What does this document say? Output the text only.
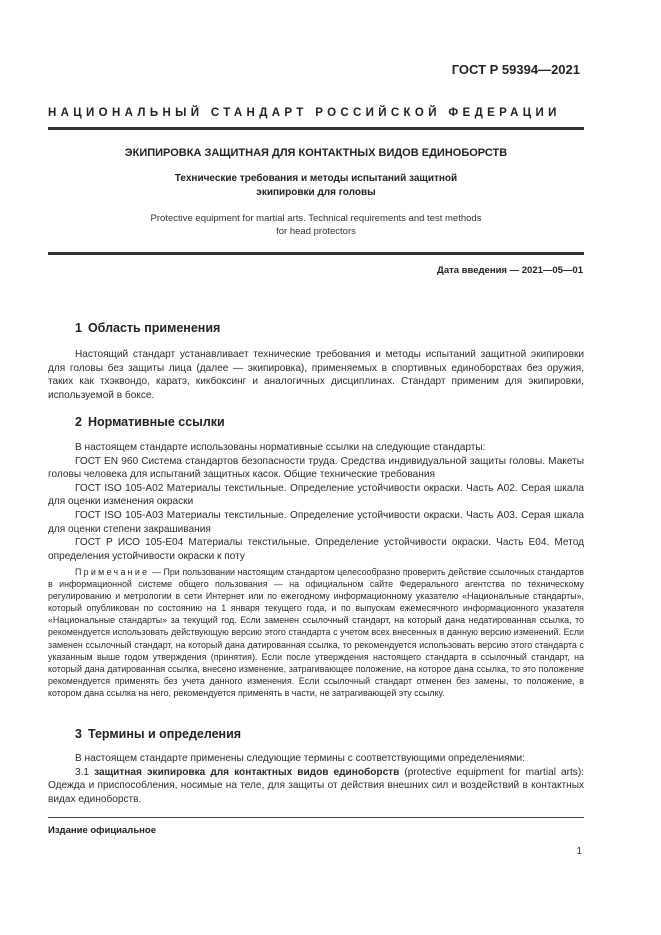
ГОСТ Р 59394—2021
НАЦИОНАЛЬНЫЙ СТАНДАРТ РОССИЙСКОЙ ФЕДЕРАЦИИ
ЭКИПИРОВКА ЗАЩИТНАЯ ДЛЯ КОНТАКТНЫХ ВИДОВ ЕДИНОБОРСТВ
Технические требования и методы испытаний защитной
экипировки для головы
Protective equipment for martial arts. Technical requirements and test methods
for head protectors
Дата введения — 2021—05—01
1 Область применения

Настоящий стандарт устанавливает технические требования и методы испытаний защитной экипировки для головы без защиты лица (далее — экипировка), применяемых в спортивных единоборствах без оружия, таких как тхэквондо, каратэ, кикбоксинг и аналогичных дисциплинах. Стандарт применим для экипировки, используемой в боксе.

2 Нормативные ссылки

В настоящем стандарте использованы нормативные ссылки на следующие стандарты:

ГОСТ EN 960 Система стандартов безопасности труда. Средства индивидуальной защиты головы. Макеты головы человека для испытаний защитных касок. Общие технические требования

ГОСТ ISO 105-A02 Материалы текстильные. Определение устойчивости окраски. Часть A02. Серая шкала для оценки изменения окраски

ГОСТ ISO 105-A03 Материалы текстильные. Определение устойчивости окраски. Часть A03. Серая шкала для оценки степени закрашивания

ГОСТ Р ИСО 105-E04 Материалы текстильные. Определение устойчивости окраски. Часть E04. Метод определения устойчивости окраски к поту

Примечание — При пользовании настоящим стандартом целесообразно проверить действие ссылочных стандартов в информационной системе общего пользования — на официальном сайте Федерального агентства по техническому регулированию и метрологии в сети Интернет или по ежегодному информационному указателю «Национальные стандарты», который опубликован по состоянию на 1 января текущего года, и по выпускам ежемесячного информационного указателя «Национальные стандарты» за текущий год. Если заменен ссылочный стандарт, на который дана недатированная ссылка, то рекомендуется использовать действующую версию этого стандарта с учетом всех внесенных в данную версию изменений. Если заменен ссылочный стандарт, на который дана датированная ссылка, то рекомендуется использовать версию этого стандарта с указанным выше годом утверждения (принятия). Если после утверждения настоящего стандарта в ссылочный стандарт, на который дана датированная ссылка, внесено изменение, затрагивающее положение, на которое дана ссылка, то это положение рекомендуется применять без учета данного изменения. Если ссылочный стандарт отменен без замены, то положение, в котором дана ссылка на него, рекомендуется применять в части, не затрагивающей эту ссылку.

3 Термины и определения

В настоящем стандарте применены следующие термины с соответствующими определениями:

3.1 защитная экипировка для контактных видов единоборств (protective equipment for martial arts): Одежда и приспособления, носимые на теле, для защиты от действия внешних сил и воздействий в контактных видах единоборств.

Издание официальное
1
